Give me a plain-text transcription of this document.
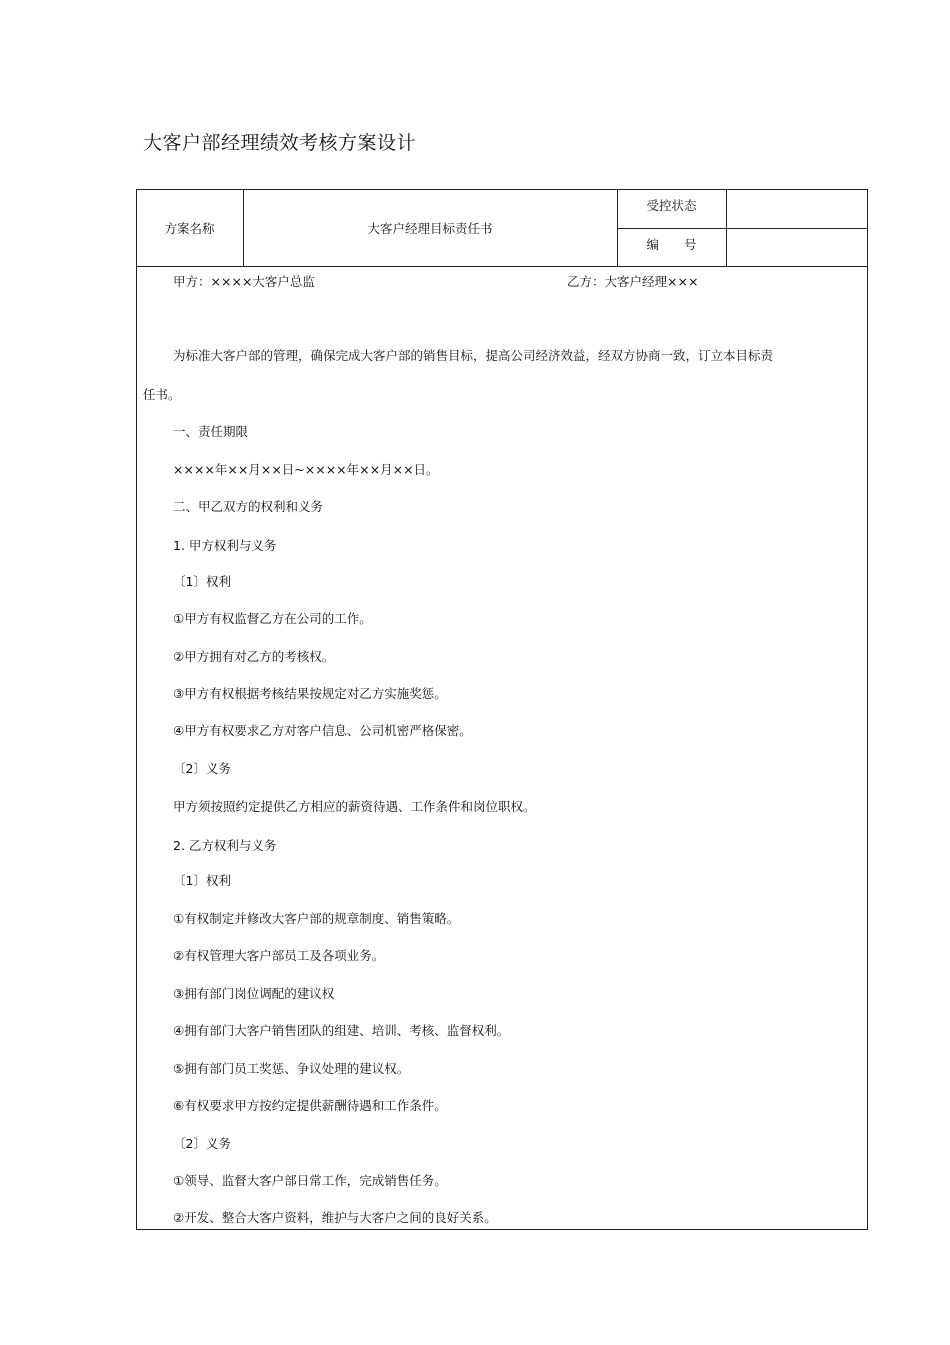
大客户部经理绩效考核方案设计
方案名称	大客户经理目标责任书
受控状态
编　　号
甲方：××××大客户总监	乙方：大客户经理×××
为标准大客户部的管理，确保完成大客户部的销售目标，提高公司经济效益，经双方协商一致，订立本目标责
任书。
一、责任期限
××××年××月××日~××××年××月××日。
二、甲乙双方的权利和义务
1. 甲方权利与义务
〔1〕权利
①甲方有权监督乙方在公司的工作。
②甲方拥有对乙方的考核权。
③甲方有权根据考核结果按规定对乙方实施奖惩。
④甲方有权要求乙方对客户信息、公司机密严格保密。
〔2〕义务
甲方须按照约定提供乙方相应的薪资待遇、工作条件和岗位职权。
2. 乙方权利与义务
〔1〕权利
①有权制定并修改大客户部的规章制度、销售策略。
②有权管理大客户部员工及各项业务。
③拥有部门岗位调配的建议权
④拥有部门大客户销售团队的组建、培训、考核、监督权利。
⑤拥有部门员工奖惩、争议处理的建议权。
⑥有权要求甲方按约定提供薪酬待遇和工作条件。
〔2〕义务
①领导、监督大客户部日常工作，完成销售任务。
②开发、整合大客户资料，维护与大客户之间的良好关系。
